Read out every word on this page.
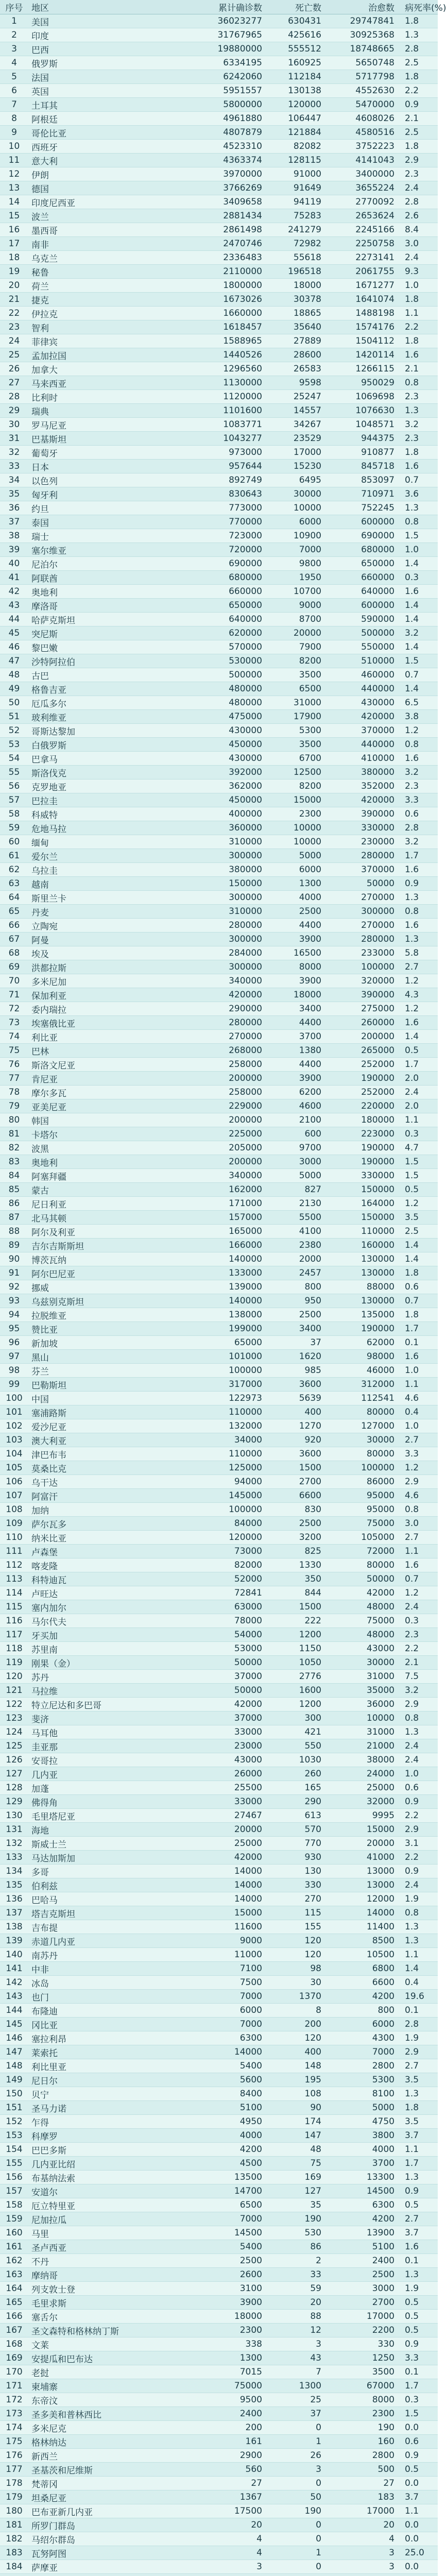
序号	地区	累计确诊数	死亡数	治愈数	病死率(%)
1	美国	36023277	630431	29747841	1.8
2	印度	31767965	425616	30925368	1.3
3	巴西	19880000	555512	18748665	2.8
4	俄罗斯	6334195	160925	5650748	2.5
5	法国	6242060	112184	5717798	1.8
6	英国	5951557	130138	4552630	2.2
7	土耳其	5800000	120000	5470000	0.9
8	阿根廷	4961880	106447	4608026	2.1
9	哥伦比亚	4807879	121884	4580516	2.5
10	西班牙	4523310	82082	3752223	1.8
11	意大利	4363374	128115	4141043	2.9
12	伊朗	3970000	91000	3400000	2.3
13	德国	3766269	91649	3655224	2.4
14	印度尼西亚	3409658	94119	2770092	2.8
15	波兰	2881434	75283	2653624	2.6
16	墨西哥	2861498	241279	2245166	8.4
17	南非	2470746	72982	2250758	3.0
18	乌克兰	2336483	55618	2273141	2.4
19	秘鲁	2110000	196518	2061755	9.3
20	荷兰	1800000	18000	1671277	1.0
21	捷克	1673026	30378	1641074	1.8
22	伊拉克	1660000	18865	1488198	1.1
23	智利	1618457	35640	1574176	2.2
24	菲律宾	1588965	27889	1504112	1.8
25	孟加拉国	1440526	28600	1420114	1.6
26	加拿大	1296560	26583	1266115	2.1
27	马来西亚	1130000	9598	950029	0.8
28	比利时	1120000	25247	1069698	2.3
29	瑞典	1101600	14557	1076630	1.3
30	罗马尼亚	1083771	34267	1048571	3.2
31	巴基斯坦	1043277	23529	944375	2.3
32	葡萄牙	973000	17000	910877	1.8
33	日本	957644	15230	845718	1.6
34	以色列	892749	6495	853097	0.7
35	匈牙利	830643	30000	710971	3.6
36	约旦	773000	10000	752245	1.3
37	泰国	770000	6000	600000	0.8
38	瑞士	723000	10900	690000	1.5
39	塞尔维亚	720000	7000	680000	1.0
40	尼泊尔	690000	9800	650000	1.4
41	阿联酋	680000	1950	660000	0.3
42	奥地利	660000	10700	640000	1.6
43	摩洛哥	650000	9000	600000	1.4
44	哈萨克斯坦	640000	8700	590000	1.4
45	突尼斯	620000	20000	500000	3.2
46	黎巴嫩	570000	7900	550000	1.4
47	沙特阿拉伯	530000	8200	510000	1.5
48	古巴	500000	3500	460000	0.7
49	格鲁吉亚	480000	6500	440000	1.4
50	厄瓜多尔	480000	31000	430000	6.5
51	玻利维亚	475000	17900	420000	3.8
52	哥斯达黎加	430000	5300	370000	1.2
53	白俄罗斯	450000	3500	440000	0.8
54	巴拿马	430000	6700	410000	1.6
55	斯洛伐克	392000	12500	380000	3.2
56	克罗地亚	362000	8200	352000	2.3
57	巴拉圭	450000	15000	420000	3.3
58	科威特	400000	2300	390000	0.6
59	危地马拉	360000	10000	330000	2.8
60	缅甸	310000	10000	230000	3.2
61	爱尔兰	300000	5000	280000	1.7
62	乌拉圭	380000	6000	370000	1.6
63	越南	150000	1300	50000	0.9
64	斯里兰卡	300000	4000	270000	1.3
65	丹麦	310000	2500	300000	0.8
66	立陶宛	280000	4400	270000	1.6
67	阿曼	300000	3900	280000	1.3
68	埃及	284000	16500	233000	5.8
69	洪都拉斯	300000	8000	100000	2.7
70	多米尼加	340000	3900	320000	1.2
71	保加利亚	420000	18000	390000	4.3
72	委内瑞拉	290000	3400	275000	1.2
73	埃塞俄比亚	280000	4400	260000	1.6
74	利比亚	270000	3700	200000	1.4
75	巴林	268000	1380	265000	0.5
76	斯洛文尼亚	258000	4400	252000	1.7
77	肯尼亚	200000	3900	190000	2.0
78	摩尔多瓦	258000	6200	252000	2.4
79	亚美尼亚	229000	4600	220000	2.0
80	韩国	200000	2100	180000	1.1
81	卡塔尔	225000	600	223000	0.3
82	波黑	205000	9700	190000	4.7
83	奥地利	200000	3000	190000	1.5
84	阿塞拜疆	340000	5000	330000	1.5
85	蒙古	162000	827	150000	0.5
86	尼日利亚	171000	2130	164000	1.2
87	北马其顿	157000	5500	150000	3.5
88	阿尔及利亚	165000	4100	110000	2.5
89	吉尔吉斯斯坦	166000	2380	160000	1.4
90	博茨瓦纳	140000	2000	130000	1.4
91	阿尔巴尼亚	133000	2457	130000	1.8
92	挪威	139000	800	88000	0.6
93	乌兹别克斯坦	140000	950	130000	0.7
94	拉脱维亚	138000	2500	135000	1.8
95	赞比亚	199000	3400	190000	1.7
96	新加坡	65000	37	62000	0.1
97	黑山	101000	1620	98000	1.6
98	芬兰	100000	985	46000	1.0
99	巴勒斯坦	317000	3600	312000	1.1
100	中国	122973	5639	112541	4.6
101	塞浦路斯	110000	400	80000	0.4
102	爱沙尼亚	132000	1270	127000	1.0
103	澳大利亚	34000	920	30000	2.7
104	津巴布韦	110000	3600	80000	3.3
105	莫桑比克	125000	1500	100000	1.2
106	乌干达	94000	2700	86000	2.9
107	阿富汗	145000	6600	95000	4.6
108	加纳	100000	830	95000	0.8
109	萨尔瓦多	84000	2500	75000	3.0
110	纳米比亚	120000	3200	105000	2.7
111	卢森堡	73000	825	72000	1.1
112	喀麦隆	82000	1330	80000	1.6
113	科特迪瓦	52000	350	50000	0.7
114	卢旺达	72841	844	42000	1.2
115	塞内加尔	63000	1500	48000	2.4
116	马尔代夫	78000	222	75000	0.3
117	牙买加	54000	1200	48000	2.3
118	苏里南	53000	1150	43000	2.2
119	刚果（金）	50000	1050	30000	2.1
120	苏丹	37000	2776	31000	7.5
121	马拉维	50000	1600	35000	3.2
122	特立尼达和多巴哥	42000	1200	36000	2.9
123	斐济	37000	300	10000	0.8
124	马耳他	33000	421	31000	1.3
125	圭亚那	23000	550	21000	2.4
126	安哥拉	43000	1030	38000	2.4
127	几内亚	26000	260	24000	1.0
128	加蓬	25500	165	25000	0.6
129	佛得角	33000	290	32000	0.9
130	毛里塔尼亚	27467	613	9995	2.2
131	海地	20000	570	15000	2.9
132	斯威士兰	25000	770	20000	3.1
133	马达加斯加	42000	930	41000	2.2
134	多哥	14000	130	13000	0.9
135	伯利兹	14000	330	13000	2.4
136	巴哈马	14000	270	12000	1.9
137	塔吉克斯坦	15000	115	14000	0.8
138	吉布提	11600	155	11400	1.3
139	赤道几内亚	9000	120	8500	1.3
140	南苏丹	11000	120	10500	1.1
141	中非	7100	98	6800	1.4
142	冰岛	7500	30	6600	0.4
143	也门	7000	1370	4200	19.6
144	布隆迪	6000	8	800	0.1
145	冈比亚	7000	200	6000	2.8
146	塞拉利昂	6300	120	4300	1.9
147	莱索托	14000	400	7000	2.9
148	利比里亚	5400	148	2800	2.7
149	尼日尔	5600	195	5300	3.5
150	贝宁	8400	108	8100	1.3
151	圣马力诺	5100	90	5000	1.8
152	乍得	4950	174	4750	3.5
153	科摩罗	4000	147	3800	3.7
154	巴巴多斯	4200	48	4000	1.1
155	几内亚比绍	4500	75	3700	1.7
156	布基纳法索	13500	169	13300	1.3
157	安道尔	14700	127	14500	0.9
158	厄立特里亚	6500	35	6300	0.5
159	尼加拉瓜	7000	190	4200	2.7
160	马里	14500	530	13900	3.7
161	圣卢西亚	5400	86	5100	1.6
162	不丹	2500	2	2400	0.1
163	摩纳哥	2600	33	2500	1.3
164	列支敦士登	3100	59	3000	1.9
165	毛里求斯	3900	20	2700	0.5
166	塞舌尔	18000	88	17000	0.5
167	圣文森特和格林纳丁斯	2300	12	2200	0.5
168	文莱	338	3	330	0.9
169	安提瓜和巴布达	1300	43	1250	3.3
170	老挝	7015	7	3500	0.1
171	柬埔寨	75000	1300	67000	1.7
172	东帝汶	9500	25	8000	0.3
173	圣多美和普林西比	2400	37	2300	1.5
174	多米尼克	200	0	190	0.0
175	格林纳达	161	1	160	0.6
176	新西兰	2900	26	2800	0.9
177	圣基茨和尼维斯	560	3	500	0.5
178	梵蒂冈	27	0	27	0.0
179	坦桑尼亚	1367	50	183	3.7
180	巴布亚新几内亚	17500	190	17000	1.1
181	所罗门群岛	20	0	20	0.0
182	马绍尔群岛	4	0	4	0.0
183	瓦努阿图	4	1	3	25.0
184	萨摩亚	3	0	3	0.0
